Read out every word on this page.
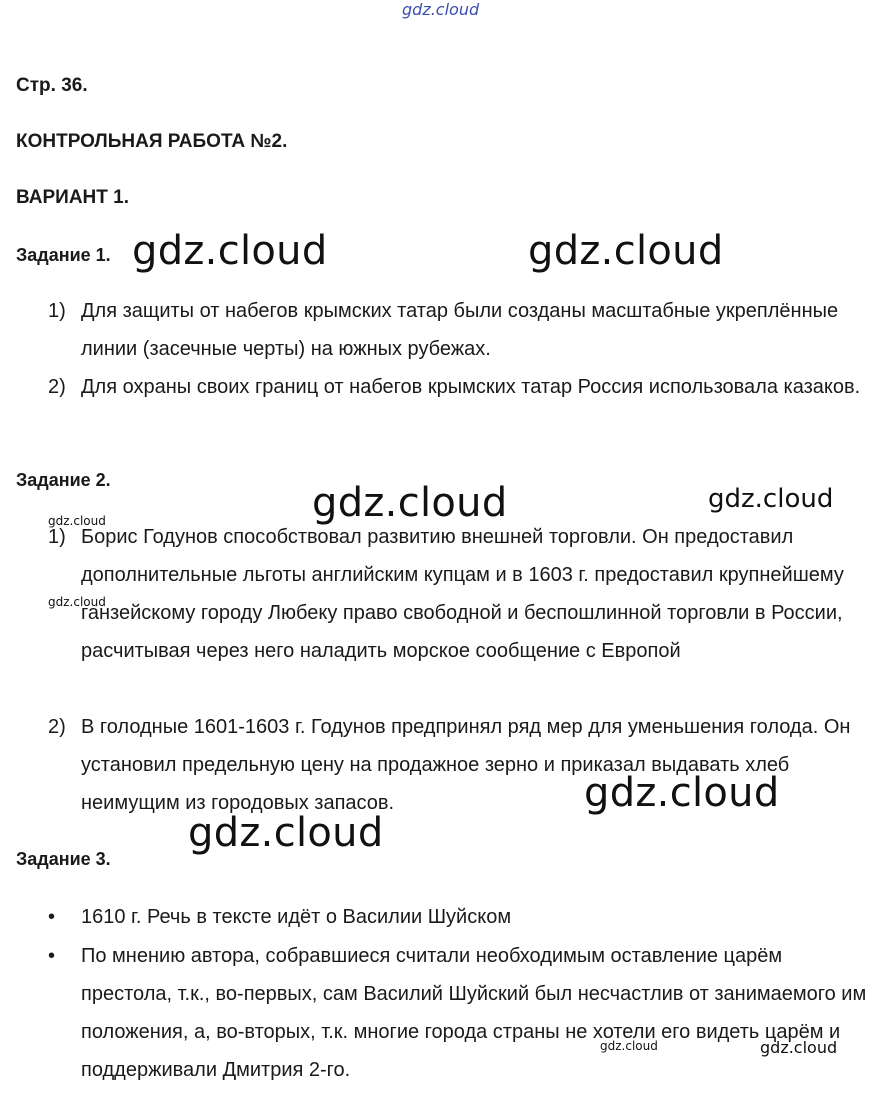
gdz.cloud
Стр. 36.
КОНТРОЛЬНАЯ РАБОТА №2.
ВАРИАНТ 1.
Задание 1.
1) Для защиты от набегов крымских татар были созданы масштабные укреплённые линии (засечные черты) на южных рубежах.
2) Для охраны своих границ от набегов крымских татар Россия использовала казаков.
Задание 2.
1) Борис Годунов способствовал развитию внешней торговли. Он предоставил дополнительные льготы английским купцам и в 1603 г. предоставил крупнейшему ганзейскому городу Любеку право свободной и беспошлинной торговли в России, расчитывая через него наладить морское сообщение с Европой
2) В голодные 1601-1603 г. Годунов предпринял ряд мер для уменьшения голода. Он установил предельную цену на продажное зерно и приказал выдавать хлеб неимущим из городовых запасов.
Задание 3.
• 1610 г. Речь в тексте идёт о Василии Шуйском
• По мнению автора, собравшиеся считали необходимым оставление царём престола, т.к., во-первых, сам Василий Шуйский был несчастлив от занимаемого им положения, а, во-вторых, т.к. многие города страны не хотели его видеть царём и поддерживали Дмитрия 2-го.
gdz.cloud	gdz.cloud
gdz.cloud	gdz.cloud
gdz.cloud
gdz.cloud
gdz.cloud
gdz.cloud
gdz.cloud	gdz.cloud
